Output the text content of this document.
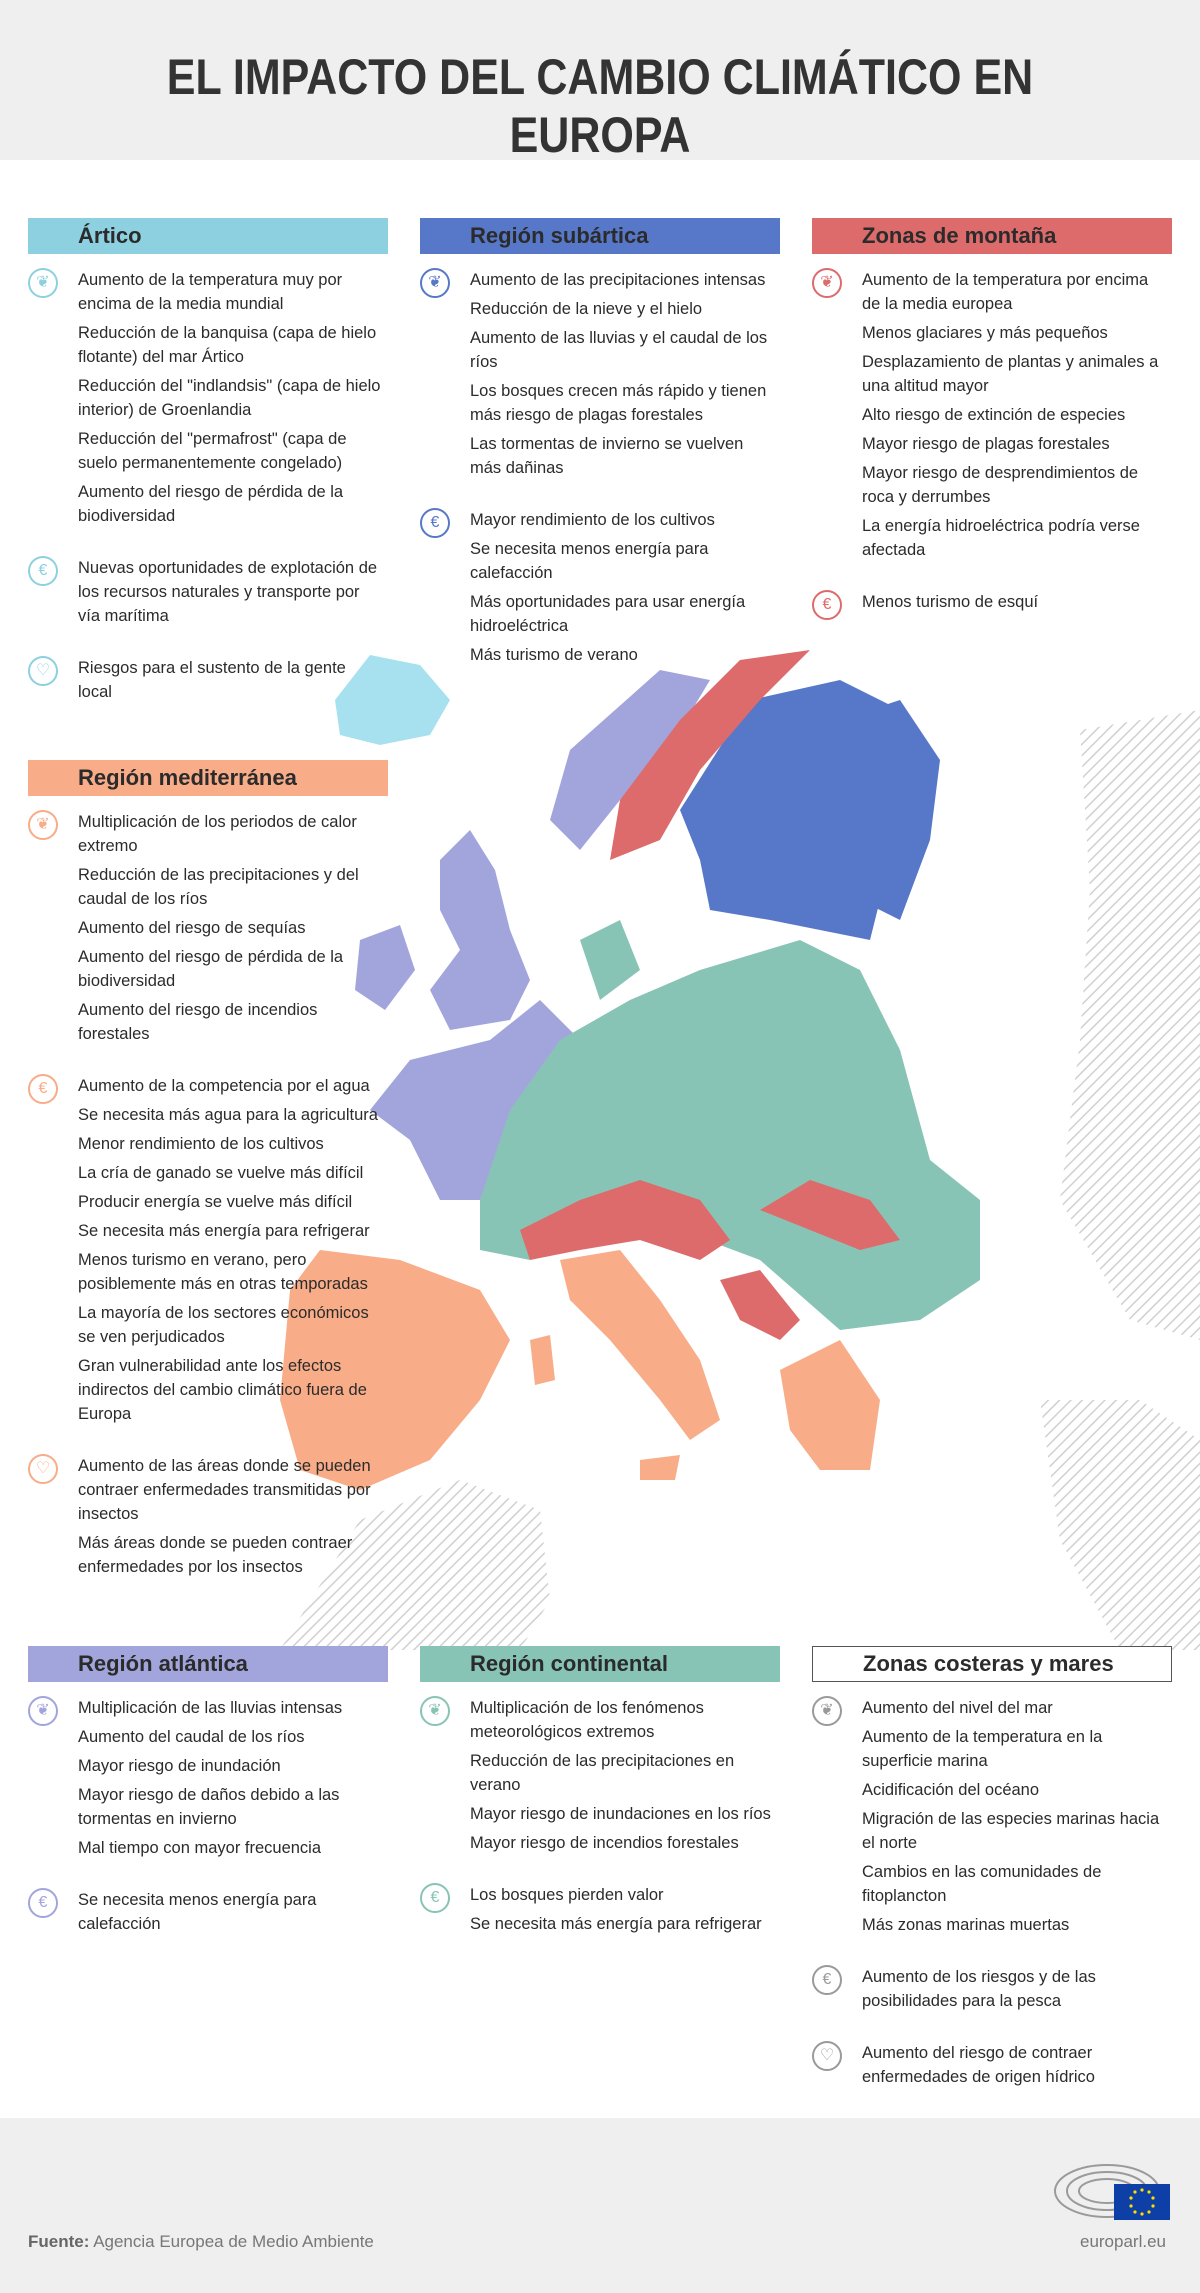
EL IMPACTO DEL CAMBIO CLIMÁTICO EN EUROPA
Ártico
❦	Aumento de la temperatura muy por encima de la media mundial

Reducción de la banquisa (capa de hielo flotante) del mar Ártico

Reducción del "indlandsis" (capa de hielo interior) de Groenlandia

Reducción del "permafrost" (capa de suelo permanentemente congelado)

Aumento del riesgo de pérdida de la biodiversidad

€	Nuevas oportunidades de explotación de los recursos naturales y transporte por vía marítima

♡	Riesgos para el sustento de la gente local

Región subártica
❦	Aumento de las precipitaciones intensas

Reducción de la nieve y el hielo

Aumento de las lluvias y el caudal de los ríos

Los bosques crecen más rápido y tienen más riesgo de plagas forestales

Las tormentas de invierno se vuelven más dañinas

€	Mayor rendimiento de los cultivos

Se necesita menos energía para calefacción

Más oportunidades para usar energía hidroeléctrica

Más turismo de verano

Zonas de montaña
❦	Aumento de la temperatura por encima de la media europea

Menos glaciares y más pequeños

Desplazamiento de plantas y animales a una altitud mayor

Alto riesgo de extinción de especies

Mayor riesgo de plagas forestales

Mayor riesgo de desprendimientos de roca y derrumbes

La energía hidroeléctrica podría verse afectada

€	Menos turismo de esquí

Región mediterránea
❦	Multiplicación de los periodos de calor extremo

Reducción de las precipitaciones y del caudal de los ríos

Aumento del riesgo de sequías

Aumento del riesgo de pérdida de la biodiversidad

Aumento del riesgo de incendios forestales

€	Aumento de la competencia por el agua

Se necesita más agua para la agricultura

Menor rendimiento de los cultivos

La cría de ganado se vuelve más difícil

Producir energía se vuelve más difícil

Se necesita más energía para refrigerar

Menos turismo en verano, pero posiblemente más en otras temporadas

La mayoría de los sectores económicos se ven perjudicados

Gran vulnerabilidad ante los efectos indirectos del cambio climático fuera de Europa

♡	Aumento de las áreas donde se pueden contraer enfermedades transmitidas por insectos

Más áreas donde se pueden contraer enfermedades por los insectos

Región atlántica
❦	Multiplicación de las lluvias intensas

Aumento del caudal de los ríos

Mayor riesgo de inundación

Mayor riesgo de daños debido a las tormentas en invierno

Mal tiempo con mayor frecuencia

€	Se necesita menos energía para calefacción

Región continental
❦	Multiplicación de los fenómenos meteorológicos extremos

Reducción de las precipitaciones en verano

Mayor riesgo de inundaciones en los ríos

Mayor riesgo de incendios forestales

€	Los bosques pierden valor

Se necesita más energía para refrigerar

Zonas costeras y mares
❦	Aumento del nivel del mar

Aumento de la temperatura en la superficie marina

Acidificación del océano

Migración de las especies marinas hacia el norte

Cambios en las comunidades de fitoplancton

Más zonas marinas muertas

€	Aumento de los riesgos y de las posibilidades para la pesca

♡	Aumento del riesgo de contraer enfermedades de origen hídrico

Fuente: Agencia Europea de Medio Ambiente	europarl.eu
